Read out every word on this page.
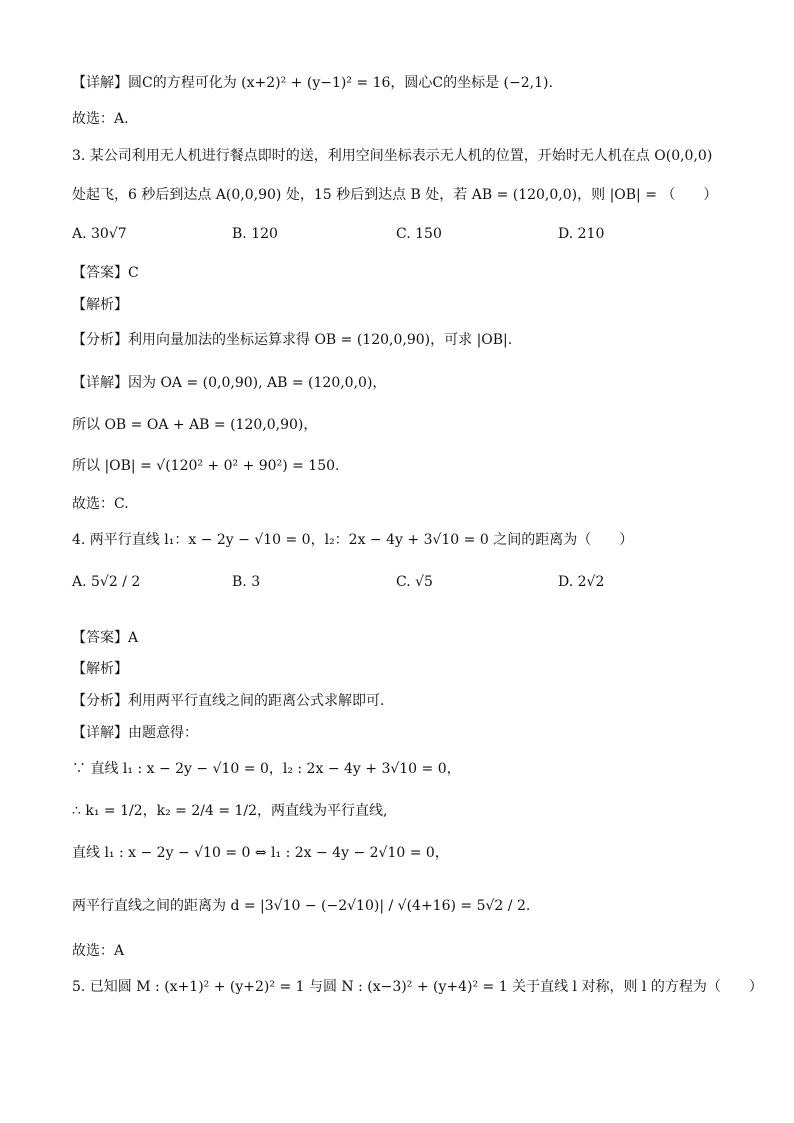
【详解】圆C的方程可化为 (x+2)² + (y−1)² = 16，圆心C的坐标是 (−2,1).
故选：A.
3. 某公司利用无人机进行餐点即时的送，利用空间坐标表示无人机的位置，开始时无人机在点 O(0,0,0)
处起飞，6 秒后到达点 A(0,0,90) 处，15 秒后到达点 B 处，若 AB = (120,0,0)，则 |OB| = （　　）
A.
30√7	B.
120	C.
150	D.
210
【答案】C
【解析】
【分析】利用向量加法的坐标运算求得 OB = (120,0,90)，可求 |OB|.
【详解】因为 OA = (0,0,90), AB = (120,0,0)，
所以 OB = OA + AB = (120,0,90)，
所以 |OB| = √(120² + 0² + 90²) = 150.
故选：C.
4. 两平行直线 l₁：x − 2y − √10 = 0，l₂：2x − 4y + 3√10 = 0 之间的距离为（　　）
A.
5√2 / 2	B.
3	C.
√5	D.
2√2
【答案】A
【解析】
【分析】利用两平行直线之间的距离公式求解即可.
【详解】由题意得：
∵ 直线 l₁ : x − 2y − √10 = 0，l₂ : 2x − 4y + 3√10 = 0，
∴ k₁ = 1/2，k₂ = 2/4 = 1/2，两直线为平行直线,
直线 l₁ : x − 2y − √10 = 0 ⇔ l₁ : 2x − 4y − 2√10 = 0，
两平行直线之间的距离为 d = |3√10 − (−2√10)| / √(4+16) = 5√2 / 2.
故选：A
5. 已知圆 M : (x+1)² + (y+2)² = 1 与圆 N : (x−3)² + (y+4)² = 1 关于直线 l 对称，则 l 的方程为（　　）
